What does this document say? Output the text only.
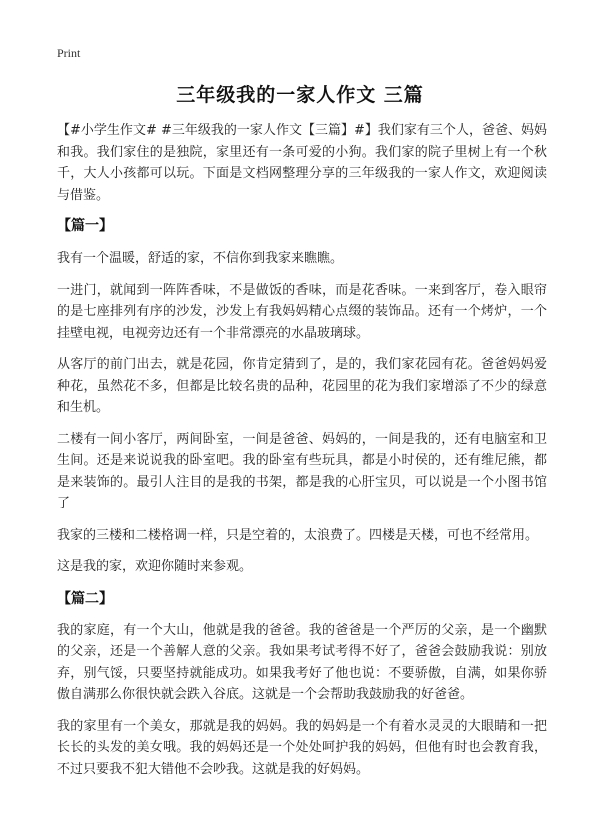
Print
三年级我的一家人作文 三篇

【#小学生作文# #三年级我的一家人作文【三篇】#】我们家有三个人，爸爸、妈妈和我。我们家住的是独院，家里还有一条可爱的小狗。我们家的院子里树上有一个秋千，大人小孩都可以玩。下面是文档网整理分享的三年级我的一家人作文，欢迎阅读与借鉴。

【篇一】

我有一个温暖，舒适的家，不信你到我家来瞧瞧。

一进门，就闻到一阵阵香味，不是做饭的香味，而是花香味。一来到客厅，卷入眼帘的是七座排列有序的沙发，沙发上有我妈妈精心点缀的装饰品。还有一个烤炉，一个挂壁电视，电视旁边还有一个非常漂亮的水晶玻璃球。

从客厅的前门出去，就是花园，你肯定猜到了，是的，我们家花园有花。爸爸妈妈爱种花，虽然花不多，但都是比较名贵的品种，花园里的花为我们家增添了不少的绿意和生机。

二楼有一间小客厅，两间卧室，一间是爸爸、妈妈的，一间是我的，还有电脑室和卫生间。还是来说说我的卧室吧。我的卧室有些玩具，都是小时侯的，还有维尼熊，都是来装饰的。最引人注目的是我的书架，都是我的心肝宝贝，可以说是一个小图书馆了

我家的三楼和二楼格调一样，只是空着的，太浪费了。四楼是天楼，可也不经常用。

这是我的家，欢迎你随时来参观。

【篇二】

我的家庭，有一个大山，他就是我的爸爸。我的爸爸是一个严厉的父亲，是一个幽默的父亲，还是一个善解人意的父亲。我如果考试考得不好了，爸爸会鼓励我说：别放弃，别气馁，只要坚持就能成功。如果我考好了他也说：不要骄傲，自满，如果你骄傲自满那么你很快就会跌入谷底。这就是一个会帮助我鼓励我的好爸爸。

我的家里有一个美女，那就是我的妈妈。我的妈妈是一个有着水灵灵的大眼睛和一把长长的头发的美女哦。我的妈妈还是一个处处呵护我的妈妈，但他有时也会教育我，不过只要我不犯大错他不会吵我。这就是我的好妈妈。
